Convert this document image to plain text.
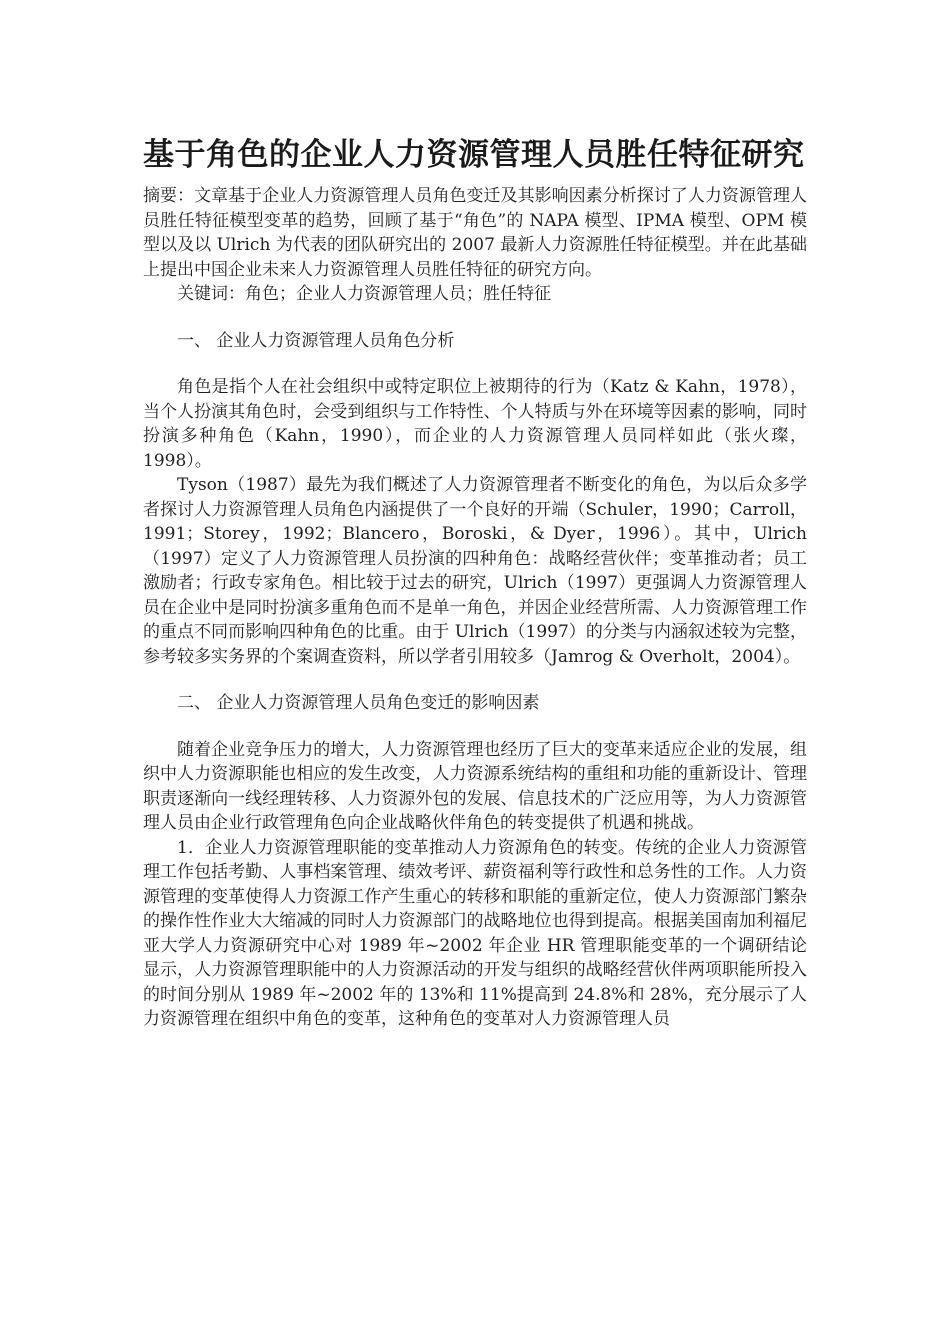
基于角色的企业人力资源管理人员胜任特征研究

摘要：文章基于企业人力资源管理人员角色变迁及其影响因素分析探讨了人力资源管理人员胜任特征模型变革的趋势，回顾了基于“角色”的 NAPA 模型、IPMA 模型、OPM 模型以及以 Ulrich 为代表的团队研究出的 2007 最新人力资源胜任特征模型。并在此基础上提出中国企业未来人力资源管理人员胜任特征的研究方向。

关键词：角色；企业人力资源管理人员；胜任特征

一、 企业人力资源管理人员角色分析

角色是指个人在社会组织中或特定职位上被期待的行为（Katz & Kahn，1978），当个人扮演其角色时，会受到组织与工作特性、个人特质与外在环境等因素的影响，同时扮演多种角色（Kahn，1990），而企业的人力资源管理人员同样如此（张火璨，1998）。

Tyson（1987）最先为我们概述了人力资源管理者不断变化的角色，为以后众多学者探讨人力资源管理人员角色内涵提供了一个良好的开端（Schuler，1990；Carroll，1991；Storey，1992；Blancero，Boroski，& Dyer，1996）。其中，Ulrich（1997）定义了人力资源管理人员扮演的四种角色：战略经营伙伴；变革推动者；员工激励者；行政专家角色。相比较于过去的研究，Ulrich（1997）更强调人力资源管理人员在企业中是同时扮演多重角色而不是单一角色，并因企业经营所需、人力资源管理工作的重点不同而影响四种角色的比重。由于 Ulrich（1997）的分类与内涵叙述较为完整，参考较多实务界的个案调查资料，所以学者引用较多（Jamrog & Overholt，2004）。

二、 企业人力资源管理人员角色变迁的影响因素

随着企业竞争压力的增大，人力资源管理也经历了巨大的变革来适应企业的发展，组织中人力资源职能也相应的发生改变，人力资源系统结构的重组和功能的重新设计、管理职责逐渐向一线经理转移、人力资源外包的发展、信息技术的广泛应用等，为人力资源管理人员由企业行政管理角色向企业战略伙伴角色的转变提供了机遇和挑战。

1．企业人力资源管理职能的变革推动人力资源角色的转变。传统的企业人力资源管理工作包括考勤、人事档案管理、绩效考评、薪资福利等行政性和总务性的工作。人力资源管理的变革使得人力资源工作产生重心的转移和职能的重新定位，使人力资源部门繁杂的操作性作业大大缩减的同时人力资源部门的战略地位也得到提高。根据美国南加利福尼亚大学人力资源研究中心对 1989 年~2002 年企业 HR 管理职能变革的一个调研结论显示，人力资源管理职能中的人力资源活动的开发与组织的战略经营伙伴两项职能所投入的时间分别从 1989 年~2002 年的 13%和 11%提高到 24.8%和 28%，充分展示了人力资源管理在组织中角色的变革，这种角色的变革对人力资源管理人员
